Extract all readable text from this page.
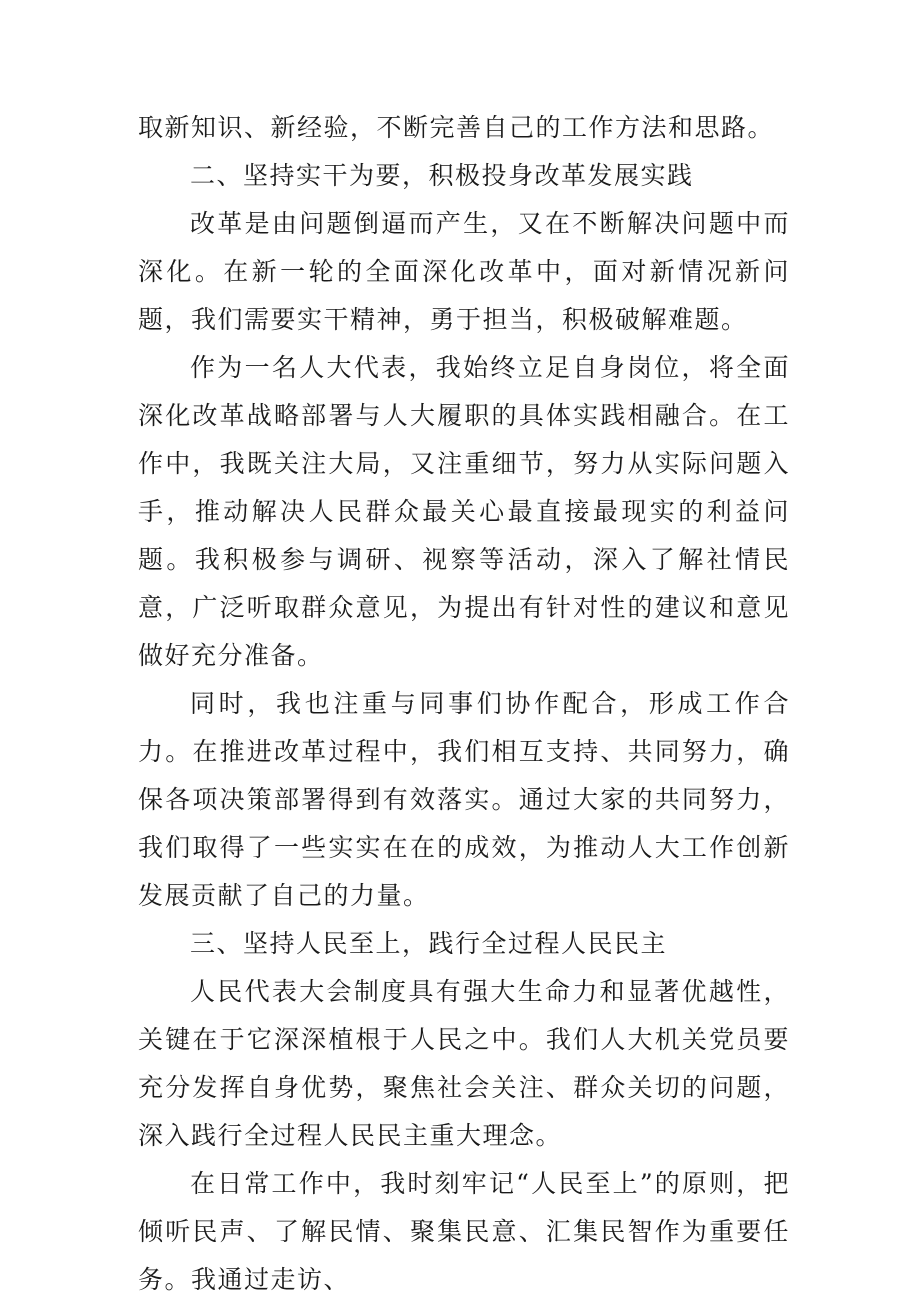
取新知识、新经验，不断完善自己的工作方法和思路。

二、坚持实干为要，积极投身改革发展实践

改革是由问题倒逼而产生，又在不断解决问题中而深化。在新一轮的全面深化改革中，面对新情况新问题，我们需要实干精神，勇于担当，积极破解难题。

作为一名人大代表，我始终立足自身岗位，将全面深化改革战略部署与人大履职的具体实践相融合。在工作中，我既关注大局，又注重细节，努力从实际问题入手，推动解决人民群众最关心最直接最现实的利益问题。我积极参与调研、视察等活动，深入了解社情民意，广泛听取群众意见，为提出有针对性的建议和意见做好充分准备。

同时，我也注重与同事们协作配合，形成工作合力。在推进改革过程中，我们相互支持、共同努力，确保各项决策部署得到有效落实。通过大家的共同努力，我们取得了一些实实在在的成效，为推动人大工作创新发展贡献了自己的力量。

三、坚持人民至上，践行全过程人民民主

人民代表大会制度具有强大生命力和显著优越性，关键在于它深深植根于人民之中。我们人大机关党员要充分发挥自身优势，聚焦社会关注、群众关切的问题，深入践行全过程人民民主重大理念。

在日常工作中，我时刻牢记“人民至上”的原则，把倾听民声、了解民情、聚集民意、汇集民智作为重要任务。我通过走访、
